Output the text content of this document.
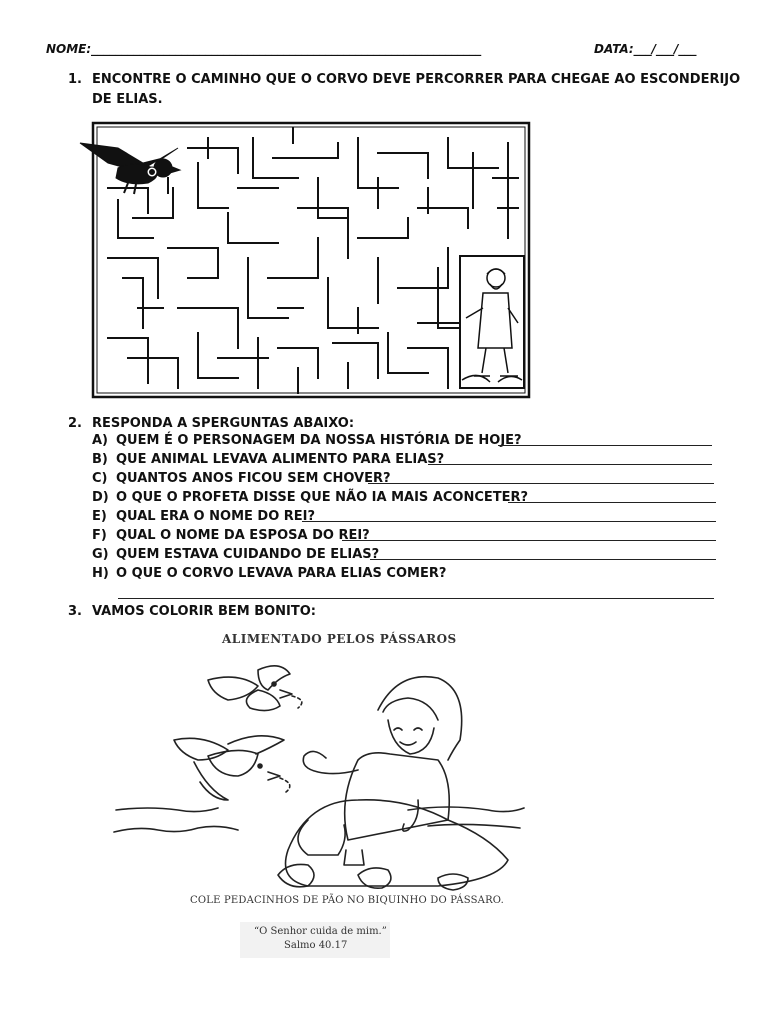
NOME:_________________________________________________________________	DATA:___/___/___
1. ENCONTRE O CAMINHO QUE O CORVO DEVE PERCORRER PARA CHEGAE AO ESCONDERIJO
DE ELIAS.
2. RESPONDA A SPERGUNTAS ABAIXO:
A) QUEM É O PERSONAGEM DA NOSSA HISTÓRIA DE HOJE?
B) QUE ANIMAL LEVAVA ALIMENTO PARA ELIAS?
C) QUANTOS ANOS FICOU SEM CHOVER?
D) O QUE O PROFETA DISSE QUE NÃO IA MAIS ACONCETER?
E) QUAL ERA O NOME DO REI?
F) QUAL O NOME DA ESPOSA DO REI?
G) QUEM ESTAVA CUIDANDO DE ELIAS?
H) O QUE O CORVO LEVAVA PARA ELIAS COMER?
3. VAMOS COLORIR BEM BONITO:
ALIMENTADO PELOS PÁSSAROS
COLE PEDACINHOS DE PÃO NO BIQUINHO DO PÁSSARO.
“O Senhor cuida de mim.”
Salmo 40.17
